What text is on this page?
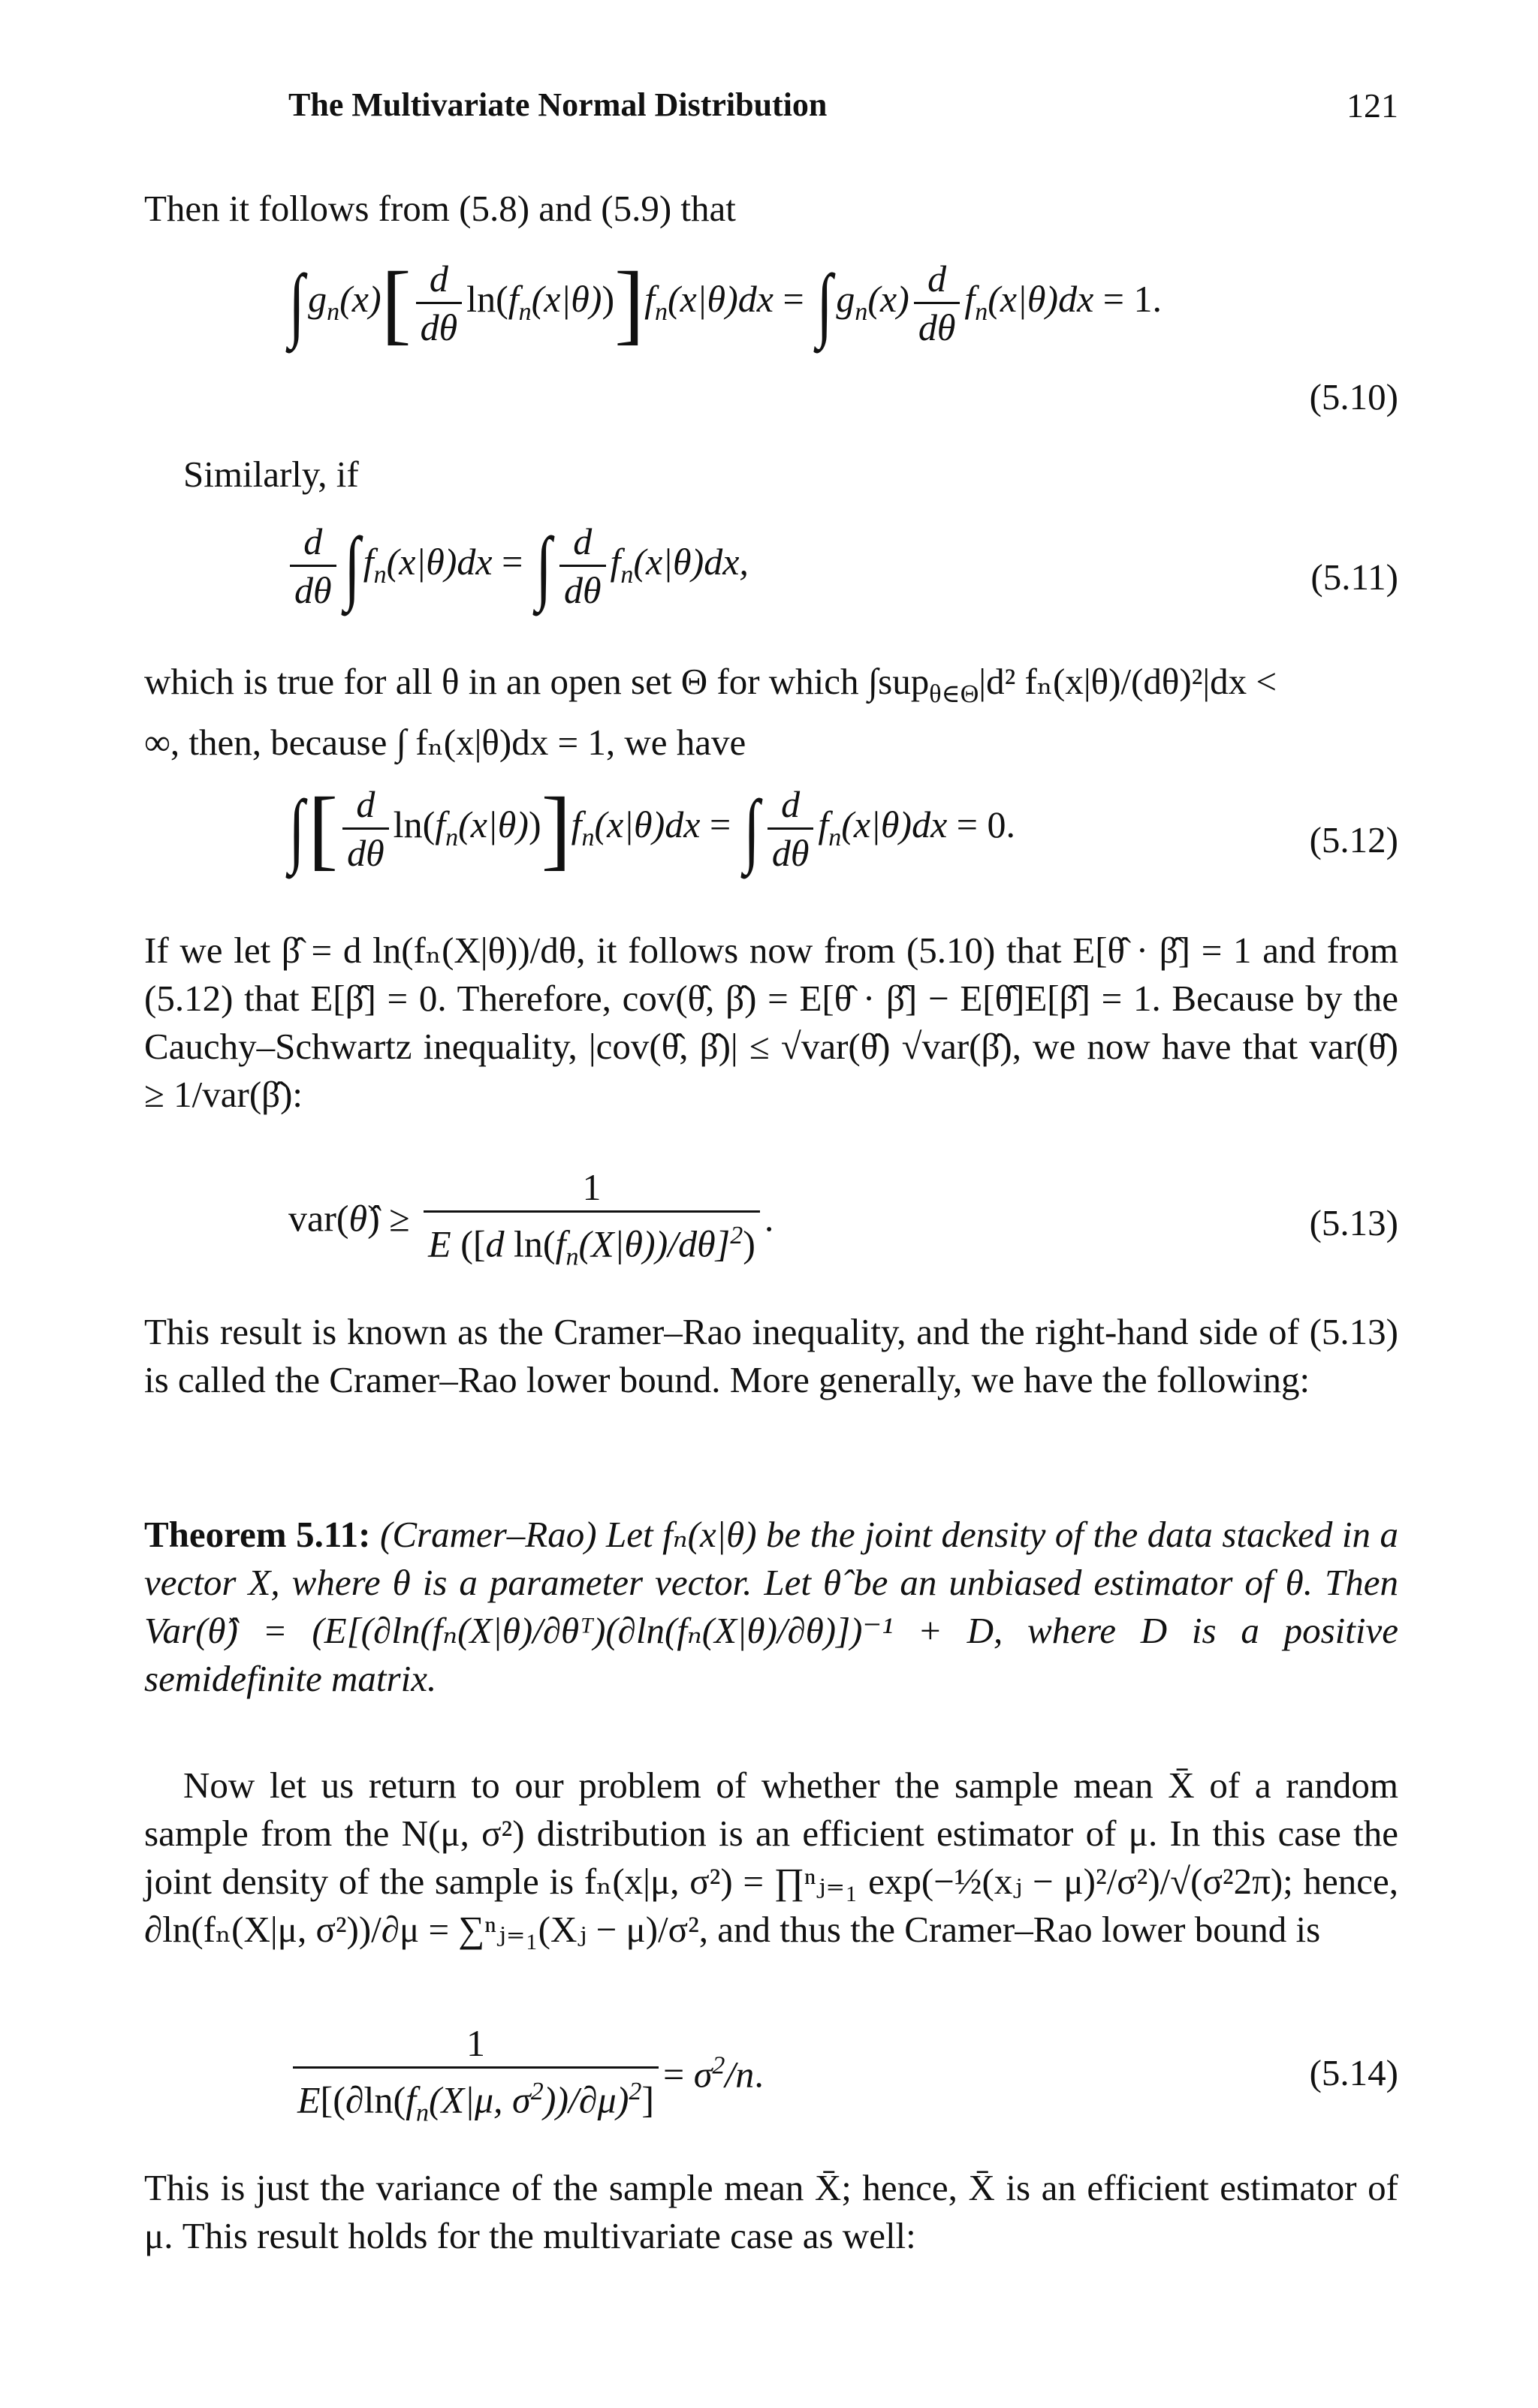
The Multivariate Normal Distribution	121
Then it follows from (5.8) and (5.9) that
$\int g_n(x)[ \frac{d}{d\theta} \ln(f_n(x|\theta))]f_n(x|\theta)dx = \int g_n(x) \frac{d}{d\theta} f_n(x|\theta)dx = 1$.
(5.10)
Similarly, if
$\frac{d}{d\theta} \int f_n(x|\theta)dx$ = ∫ $\frac{d}{d\theta} f_n(x|\theta)dx$,	(5.11)
which is true for all θ in an open set Θ for which ∫sup$_{\theta\in\Theta}$|d² fₙ(x|θ)/(dθ)²|dx <
∞, then, because ∫ fₙ(x|θ)dx = 1, we have
∫[ $\frac{d}{d\theta} \ln(f_n(x|\theta))]f_n(x|\theta)dx$ = ∫ $\frac{d}{d\theta} f_n(x|\theta)dx = 0$.	(5.12)
If we let β̂ = d ln(fₙ(X|θ))/dθ, it follows now from (5.10) that E[θ̂ · β̂] = 1 and from (5.12) that E[β̂] = 0. Therefore, cov(θ̂, β̂) = E[θ̂ · β̂] − E[θ̂]E[β̂] = 1. Because by the Cauchy–Schwartz inequality, |cov(θ̂, β̂)| ≤ √var(θ̂) √var(β̂), we now have that var(θ̂) ≥ 1/var(β̂):
var(θ̂) ≥ $\frac{1}{E ([d \ln(f_n(X|\theta))/d\theta]^2)}$ .	(5.13)
This result is known as the Cramer–Rao inequality, and the right-hand side of (5.13) is called the Cramer–Rao lower bound. More generally, we have the following:
Theorem 5.11: (Cramer–Rao) Let fₙ(x|θ) be the joint density of the data stacked in a vector X, where θ is a parameter vector. Let θ̂ be an unbiased estimator of θ. Then Var(θ̂) = (E[(∂ln(fₙ(X|θ)/∂θᵀ)(∂ln(fₙ(X|θ)/∂θ)])⁻¹ + D, where D is a positive semidefinite matrix.
Now let us return to our problem of whether the sample mean X̄ of a random sample from the N(μ, σ²) distribution is an efficient estimator of μ. In this case the joint density of the sample is fₙ(x|μ, σ²) = ∏ⁿⱼ₌₁ exp(−½(xⱼ − μ)²/σ²)/√(σ²2π); hence, ∂ln(fₙ(X|μ, σ²))/∂μ = ∑ⁿⱼ₌₁(Xⱼ − μ)/σ², and thus the Cramer–Rao lower bound is
$\frac{1}{E[(\partial\ln(f_n(X|\mu, \sigma^2))/\partial\mu)^2]} = \sigma^2/n$.	(5.14)
This is just the variance of the sample mean X̄; hence, X̄ is an efficient estimator of μ. This result holds for the multivariate case as well:
